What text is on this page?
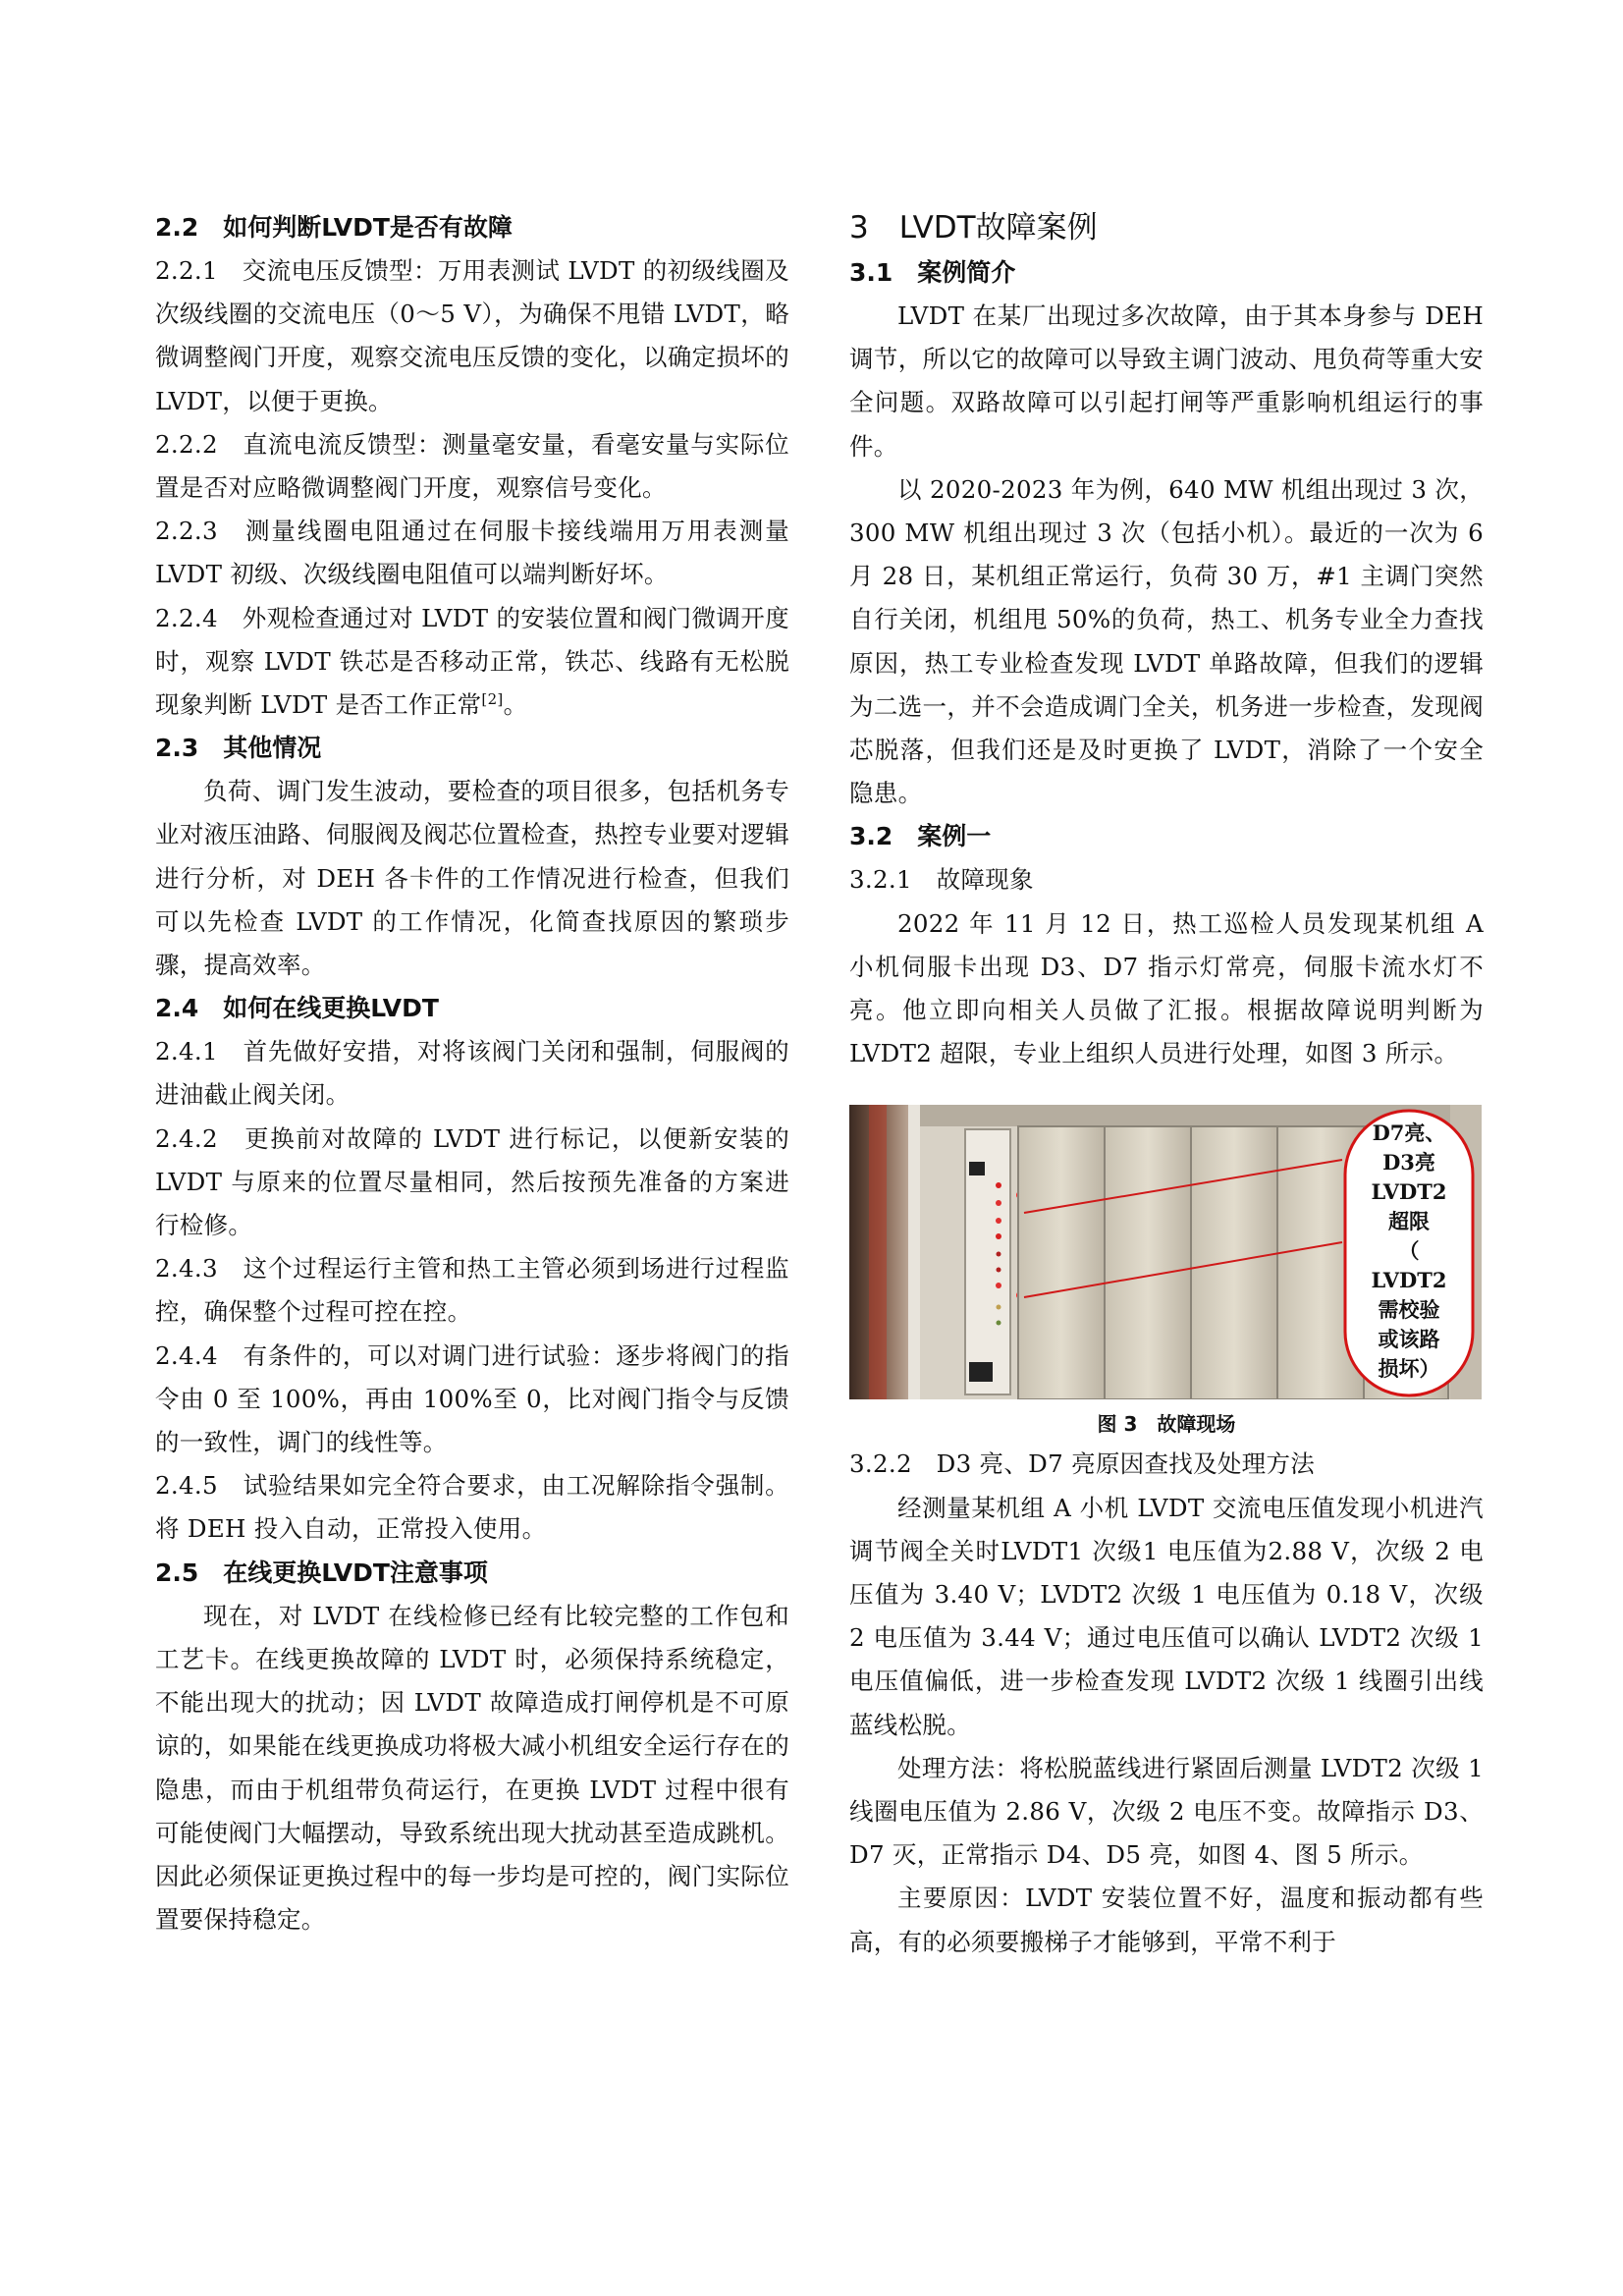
2.2　如何判断LVDT是否有故障

2.2.1　交流电压反馈型：万用表测试 LVDT 的初级线圈及次级线圈的交流电压（0～5 V），为确保不甩错 LVDT，略微调整阀门开度，观察交流电压反馈的变化，以确定损坏的 LVDT，以便于更换。

2.2.2　直流电流反馈型：测量毫安量，看毫安量与实际位置是否对应略微调整阀门开度，观察信号变化。

2.2.3　测量线圈电阻通过在伺服卡接线端用万用表测量 LVDT 初级、次级线圈电阻值可以端判断好坏。

2.2.4　外观检查通过对 LVDT 的安装位置和阀门微调开度时，观察 LVDT 铁芯是否移动正常，铁芯、线路有无松脱现象判断 LVDT 是否工作正常[2]。

2.3　其他情况

负荷、调门发生波动，要检查的项目很多，包括机务专业对液压油路、伺服阀及阀芯位置检查，热控专业要对逻辑进行分析，对 DEH 各卡件的工作情况进行检查，但我们可以先检查 LVDT 的工作情况，化简查找原因的繁琐步骤，提高效率。

2.4　如何在线更换LVDT

2.4.1　首先做好安措，对将该阀门关闭和强制，伺服阀的进油截止阀关闭。

2.4.2　更换前对故障的 LVDT 进行标记，以便新安装的 LVDT 与原来的位置尽量相同，然后按预先准备的方案进行检修。

2.4.3　这个过程运行主管和热工主管必须到场进行过程监控，确保整个过程可控在控。

2.4.4　有条件的，可以对调门进行试验：逐步将阀门的指令由 0 至 100%，再由 100%至 0，比对阀门指令与反馈的一致性，调门的线性等。

2.4.5　试验结果如完全符合要求，由工况解除指令强制。将 DEH 投入自动，正常投入使用。

2.5　在线更换LVDT注意事项

现在，对 LVDT 在线检修已经有比较完整的工作包和工艺卡。在线更换故障的 LVDT 时，必须保持系统稳定，不能出现大的扰动；因 LVDT 故障造成打闸停机是不可原谅的，如果能在线更换成功将极大减小机组安全运行存在的隐患，而由于机组带负荷运行，在更换 LVDT 过程中很有可能使阀门大幅摆动，导致系统出现大扰动甚至造成跳机。因此必须保证更换过程中的每一步均是可控的，阀门实际位置要保持稳定。

3　LVDT故障案例
3.1　案例简介

LVDT 在某厂出现过多次故障，由于其本身参与 DEH 调节，所以它的故障可以导致主调门波动、甩负荷等重大安全问题。双路故障可以引起打闸等严重影响机组运行的事件。

以 2020-2023 年为例，640 MW 机组出现过 3 次，300 MW 机组出现过 3 次（包括小机）。最近的一次为 6 月 28 日，某机组正常运行，负荷 30 万，#1 主调门突然自行关闭，机组甩 50%的负荷，热工、机务专业全力查找原因，热工专业检查发现 LVDT 单路故障，但我们的逻辑为二选一，并不会造成调门全关，机务进一步检查，发现阀芯脱落，但我们还是及时更换了 LVDT，消除了一个安全隐患。

3.2　案例一

3.2.1　故障现象

2022 年 11 月 12 日，热工巡检人员发现某机组 A 小机伺服卡出现 D3、D7 指示灯常亮，伺服卡流水灯不亮。他立即向相关人员做了汇报。根据故障说明判断为 LVDT2 超限，专业上组织人员进行处理，如图 3 所示。

D7亮、
D3亮
LVDT2
超限
（
LVDT2
需校验
或该路
损坏）
图 3　故障现场

3.2.2　D3 亮、D7 亮原因查找及处理方法

经测量某机组 A 小机 LVDT 交流电压值发现小机进汽调节阀全关时LVDT1 次级1 电压值为2.88 V，次级 2 电压值为 3.40 V；LVDT2 次级 1 电压值为 0.18 V，次级 2 电压值为 3.44 V；通过电压值可以确认 LVDT2 次级 1 电压值偏低，进一步检查发现 LVDT2 次级 1 线圈引出线蓝线松脱。

处理方法：将松脱蓝线进行紧固后测量 LVDT2 次级 1 线圈电压值为 2.86 V，次级 2 电压不变。故障指示 D3、D7 灭，正常指示 D4、D5 亮，如图 4、图 5 所示。

主要原因：LVDT 安装位置不好，温度和振动都有些高，有的必须要搬梯子才能够到，平常不利于
